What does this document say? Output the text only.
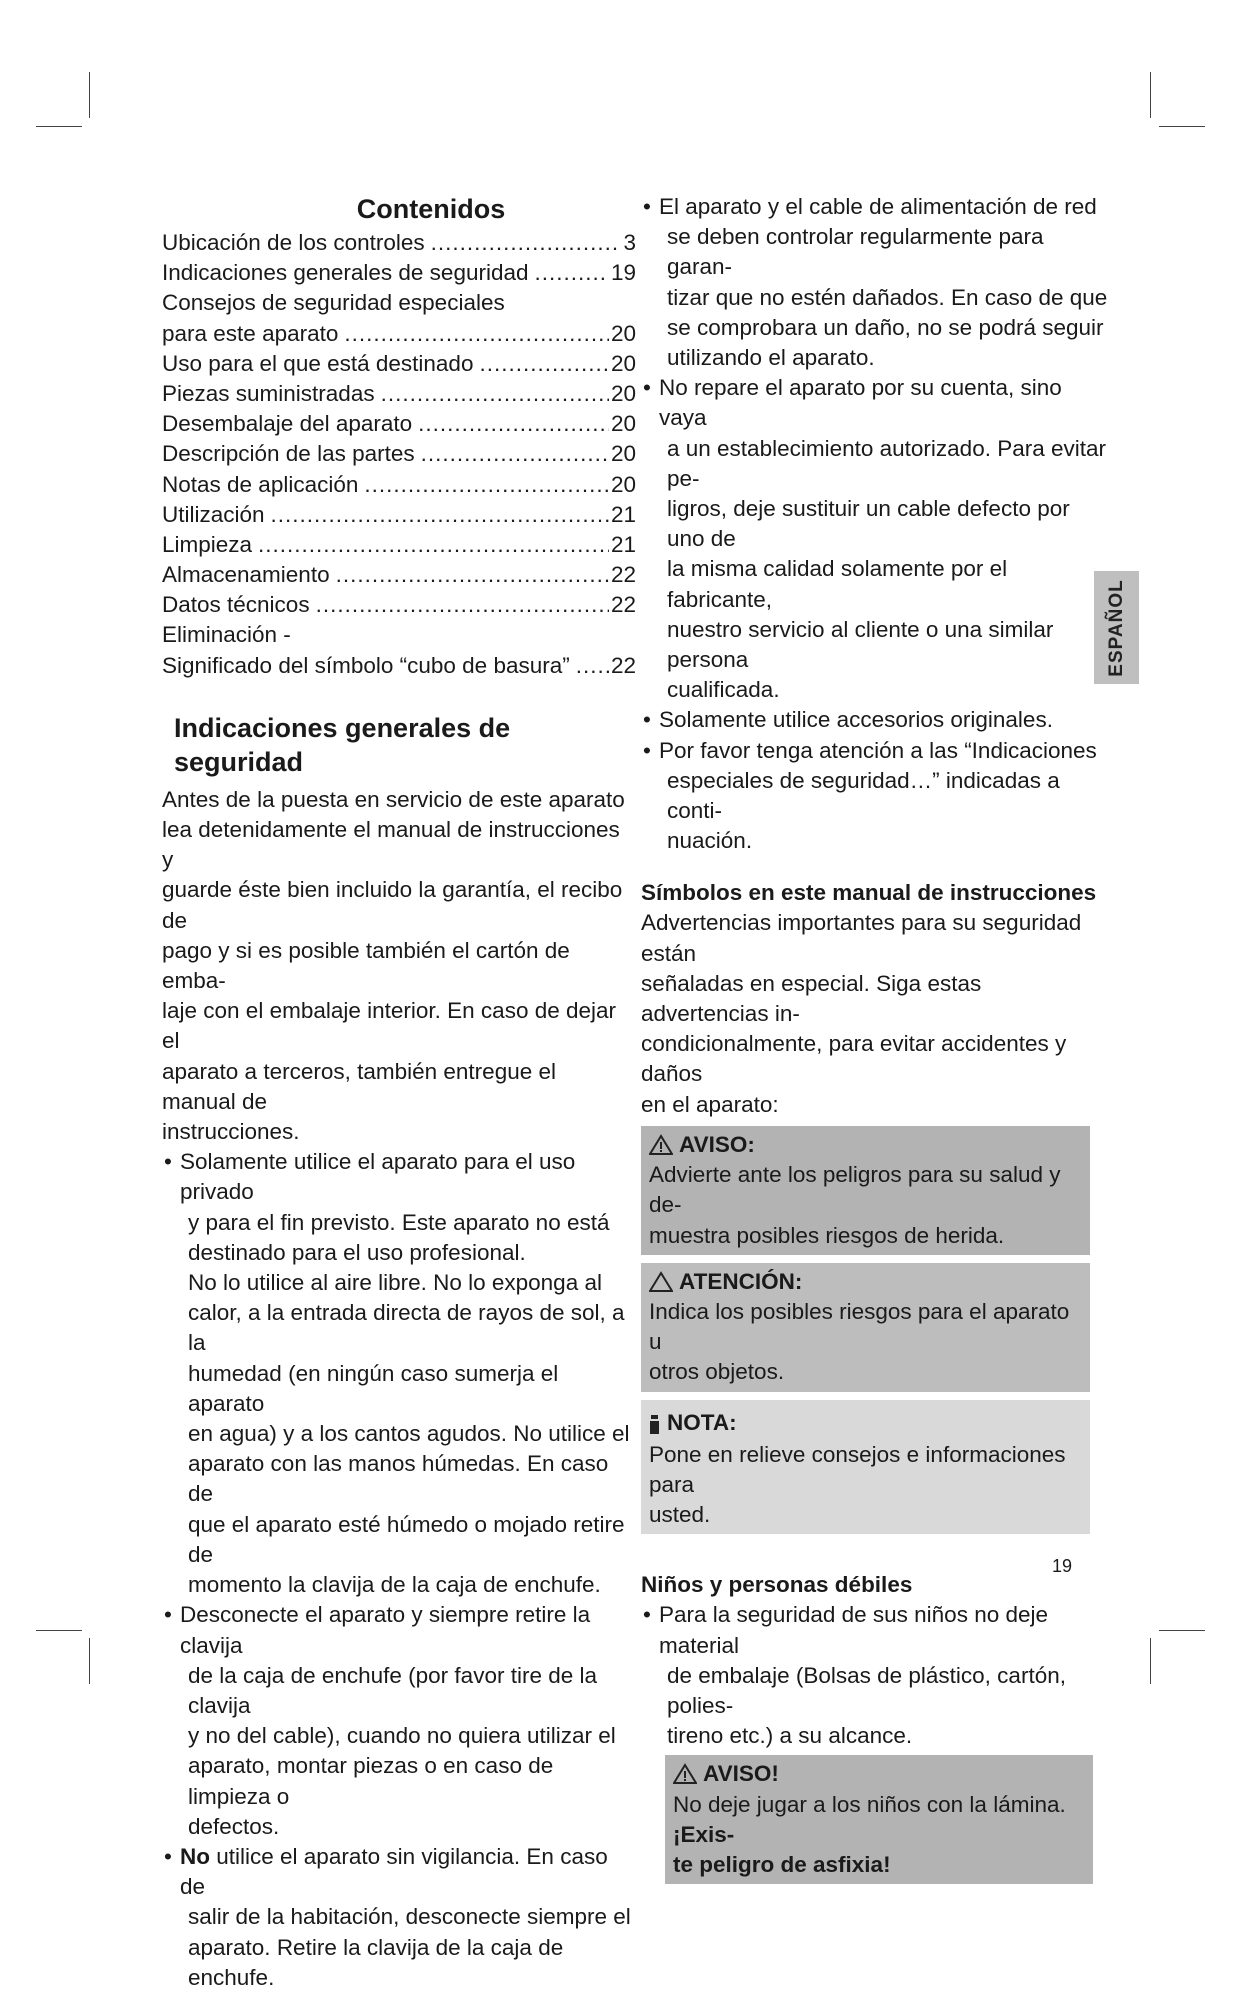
Contenidos
Ubicación de los controles .....	3
Indicaciones generales de seguridad .....	19
Consejos de seguridad especiales
para este aparato .....	20
Uso para el que está destinado .....	20
Piezas suministradas .....	20
Desembalaje del aparato .....	20
Descripción de las partes .....	20
Notas de aplicación .....	20
Utilización .....	21
Limpieza .....	21
Almacenamiento .....	22
Datos técnicos .....	22
Eliminación -
Significado del símbolo “cubo de basura” ..... 22
Indicaciones generales de seguridad

Antes de la puesta en servicio de este aparato
lea detenidamente el manual de instrucciones y
guarde éste bien incluido la garantía, el recibo de
pago y si es posible también el cartón de emba-
laje con el embalaje interior. En caso de dejar el
aparato a terceros, también entregue el manual de
instrucciones.

• Solamente utilice el aparato para el uso privado
y para el fin previsto. Este aparato no está
destinado para el uso profesional.
No lo utilice al aire libre. No lo exponga al
calor, a la entrada directa de rayos de sol, a la
humedad (en ningún caso sumerja el aparato
en agua) y a los cantos agudos. No utilice el
aparato con las manos húmedas. En caso de
que el aparato esté húmedo o mojado retire de
momento la clavija de la caja de enchufe.
• Desconecte el aparato y siempre retire la clavija
de la caja de enchufe (por favor tire de la clavija
y no del cable), cuando no quiera utilizar el
aparato, montar piezas o en caso de limpieza o
defectos.
• No utilice el aparato sin vigilancia. En caso de
salir de la habitación, desconecte siempre el
aparato. Retire la clavija de la caja de enchufe.
• El aparato y el cable de alimentación de red
se deben controlar regularmente para garan-
tizar que no estén dañados. En caso de que
se comprobara un daño, no se podrá seguir
utilizando el aparato.
• No repare el aparato por su cuenta, sino vaya
a un establecimiento autorizado. Para evitar pe-
ligros, deje sustituir un cable defecto por uno de
la misma calidad solamente por el fabricante,
nuestro servicio al cliente o una similar persona
cualificada.
• Solamente utilice accesorios originales.
• Por favor tenga atención a las “Indicaciones
especiales de seguridad…” indicadas a conti-
nuación.
Símbolos en este manual de instrucciones

Advertencias importantes para su seguridad están
señaladas en especial. Siga estas advertencias in-
condicionalmente, para evitar accidentes y daños
en el aparato:

AVISO:
Advierte ante los peligros para su salud y de-
muestra posibles riesgos de herida.
ATENCIÓN:
Indica los posibles riesgos para el aparato u
otros objetos.
NOTA:
Pone en relieve consejos e informaciones para
usted.
Niños y personas débiles
• Para la seguridad de sus niños no deje material
de embalaje (Bolsas de plástico, cartón, polies-
tireno etc.) a su alcance.
AVISO!
No deje jugar a los niños con la lámina. ¡Exis-
te peligro de asfixia!
ESPAÑOL
19
